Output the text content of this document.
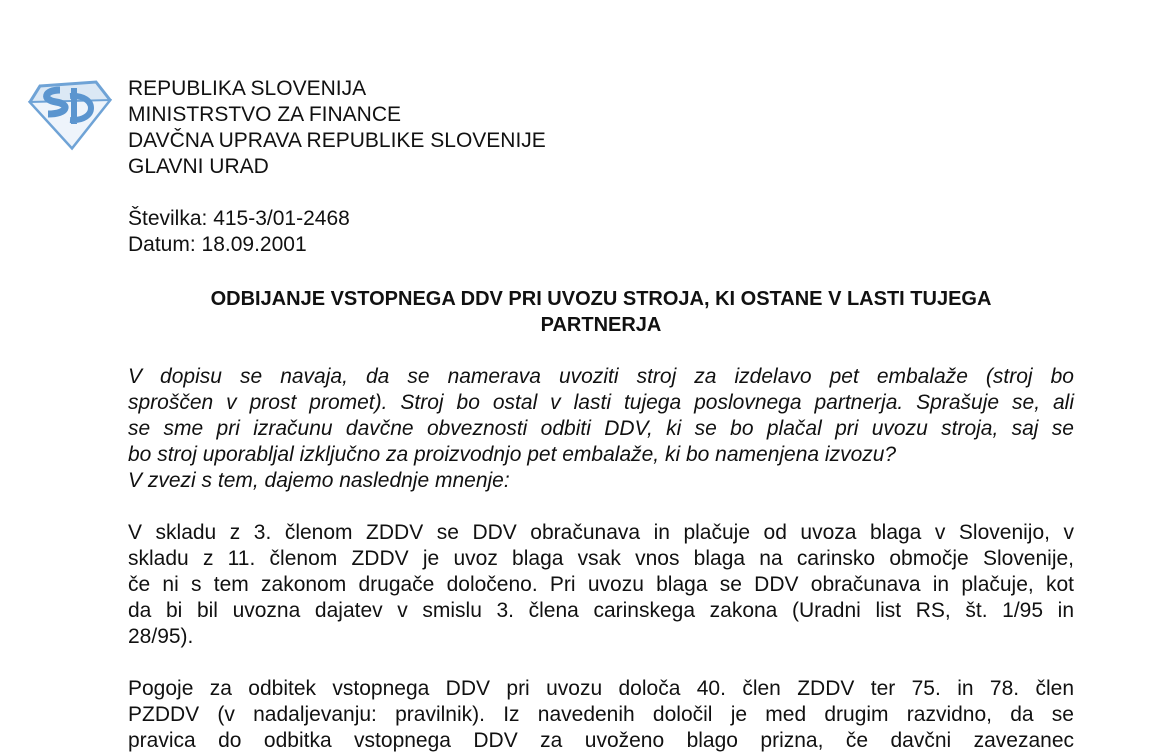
REPUBLIKA SLOVENIJA
MINISTRSTVO ZA FINANCE
DAVČNA UPRAVA REPUBLIKE SLOVENIJE
GLAVNI URAD
Številka: 415-3/01-2468
Datum: 18.09.2001
ODBIJANJE VSTOPNEGA DDV PRI UVOZU STROJA, KI OSTANE V LASTI TUJEGA
PARTNERJA
V dopisu se navaja, da se namerava uvoziti stroj za izdelavo pet embalaže (stroj bo
sproščen v prost promet). Stroj bo ostal v lasti tujega poslovnega partnerja. Sprašuje se, ali
se sme pri izračunu davčne obveznosti odbiti DDV, ki se bo plačal pri uvozu stroja, saj se
bo stroj uporabljal izključno za proizvodnjo pet embalaže, ki bo namenjena izvozu?
V zvezi s tem, dajemo naslednje mnenje:
V skladu z 3. členom ZDDV se DDV obračunava in plačuje od uvoza blaga v Slovenijo, v
skladu z 11. členom ZDDV je uvoz blaga vsak vnos blaga na carinsko območje Slovenije,
če ni s tem zakonom drugače določeno. Pri uvozu blaga se DDV obračunava in plačuje, kot
da bi bil uvozna dajatev v smislu 3. člena carinskega zakona (Uradni list RS, št. 1/95 in
28/95).
Pogoje za odbitek vstopnega DDV pri uvozu določa 40. člen ZDDV ter 75. in 78. člen
PZDDV (v nadaljevanju: pravilnik). Iz navedenih določil je med drugim razvidno, da se
pravica do odbitka vstopnega DDV za uvoženo blago prizna, če davčni zavezanec
